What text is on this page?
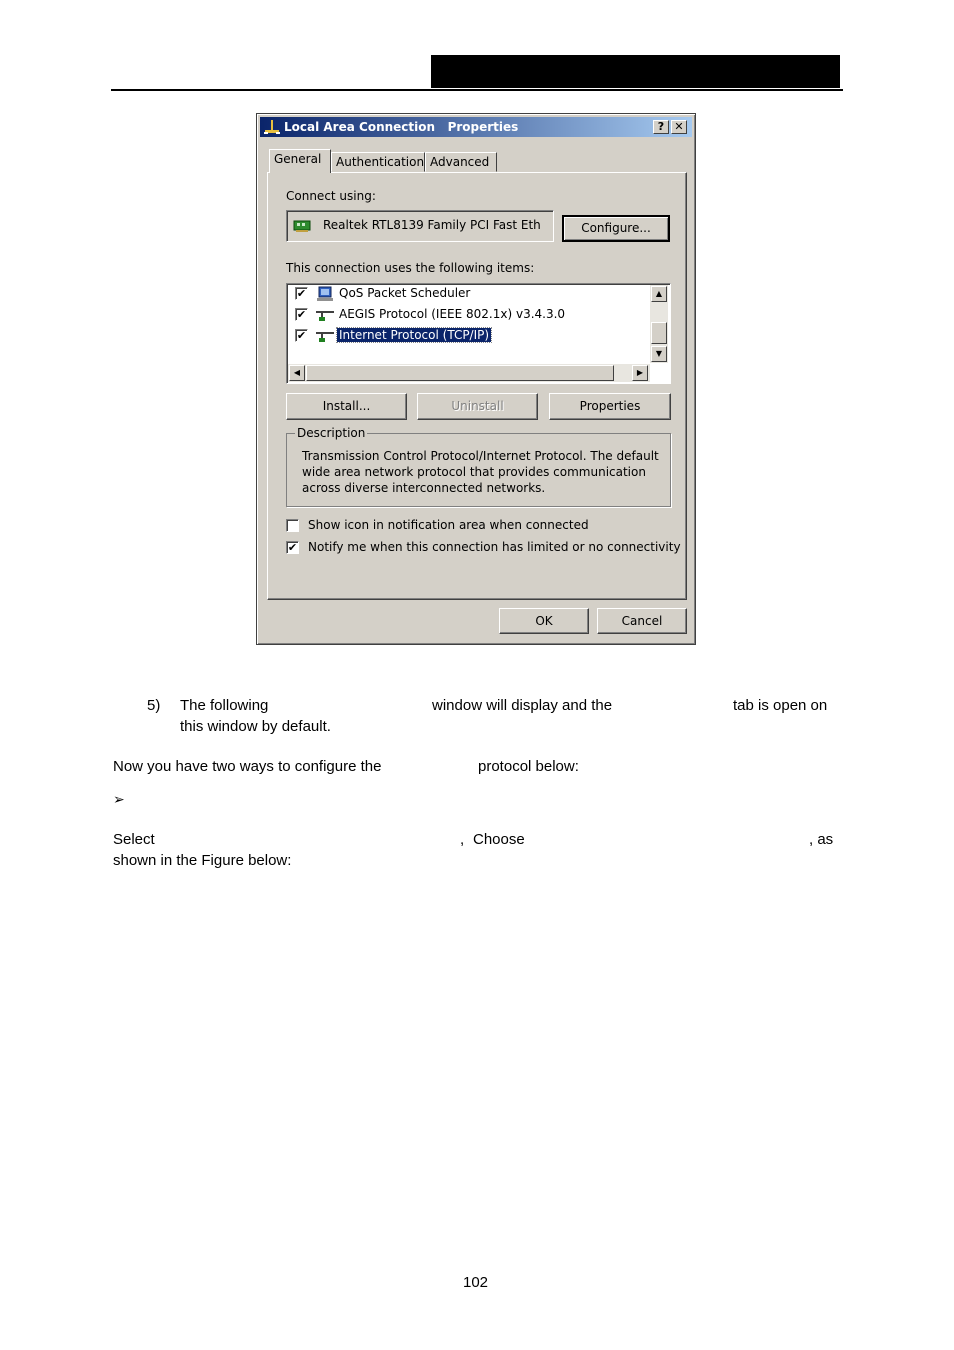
Local Area Connection   Properties	? ✕
General	Authentication Advanced
Connect using:
Realtek RTL8139 Family PCI Fast Eth	Configure...
This connection uses the following items:
✔	QoS Packet Scheduler
✔	AEGIS Protocol (IEEE 802.1x) v3.4.3.0
✔	Internet Protocol (TCP/IP)
▲
▼
◀	▶
Install...	Uninstall	Properties
Description
Transmission Control Protocol/Internet Protocol. The default wide area network protocol that provides communication across diverse interconnected networks.
Show icon in notification area when connected
✔ Notify me when this connection has limited or no connectivity
OK	Cancel
5) The following	window will display and the	tab is open on
this window by default.
Now you have two ways to configure the	protocol below:
➢
Select	, Choose	, as
shown in the Figure below:
102
